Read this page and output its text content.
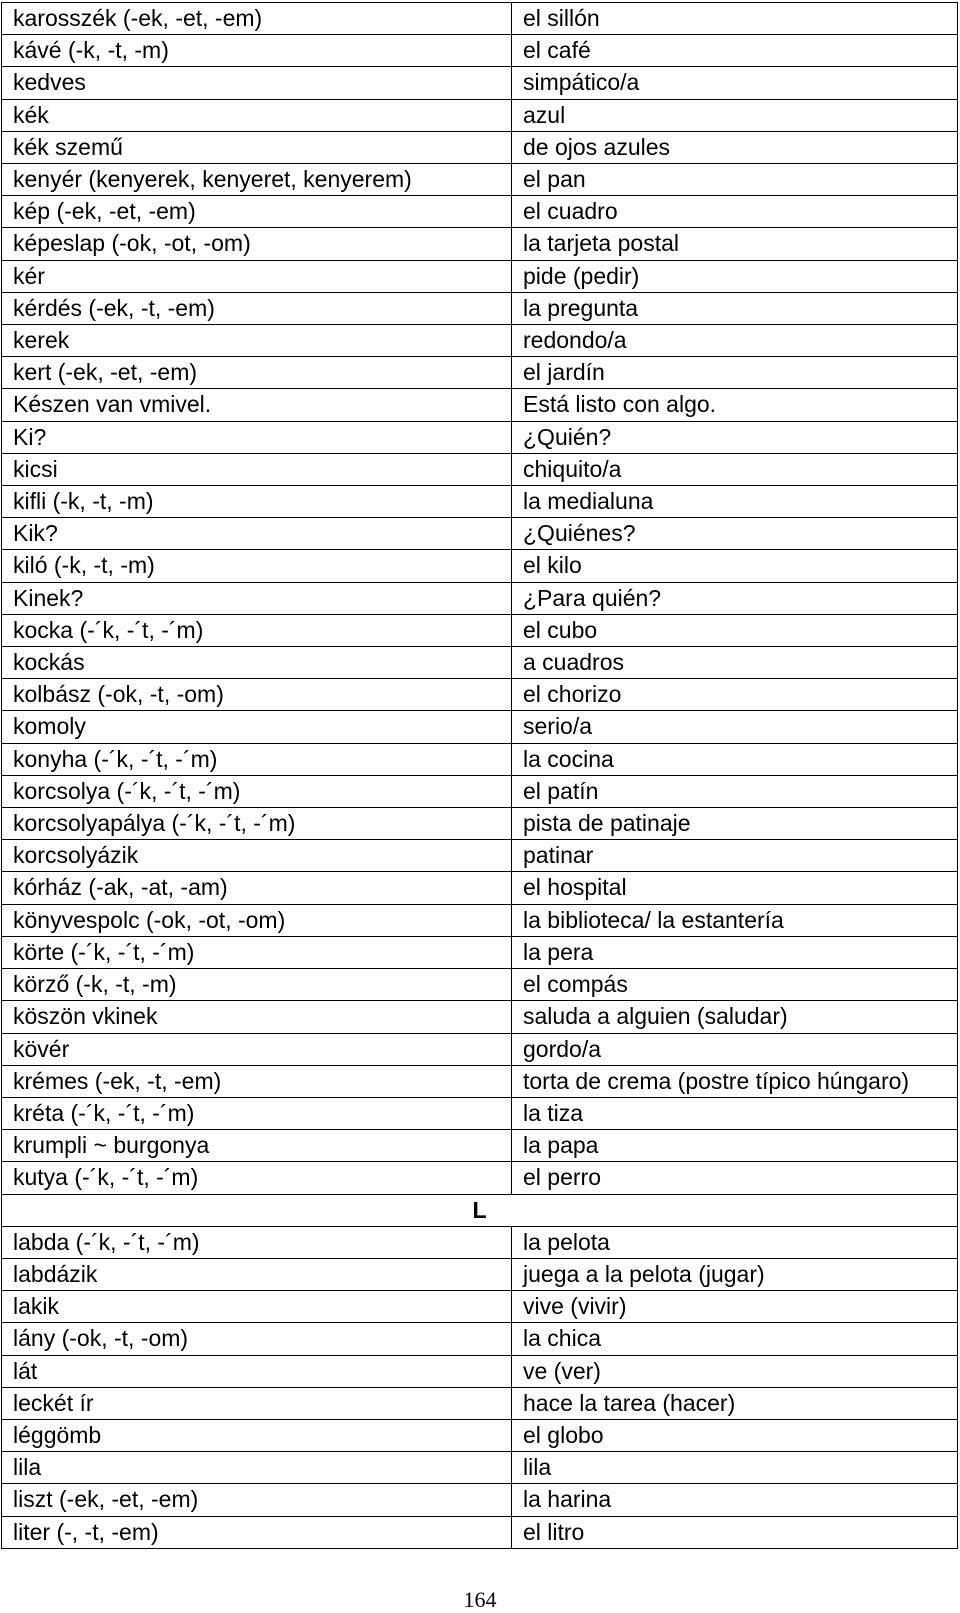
karosszék (-ek, -et, -em)	el sillón
kávé (-k, -t, -m)	el café
kedves	simpático/a
kék	azul
kék szemű	de ojos azules
kenyér (kenyerek, kenyeret, kenyerem)	el pan
kép (-ek, -et, -em)	el cuadro
képeslap (-ok, -ot, -om)	la tarjeta postal
kér	pide (pedir)
kérdés (-ek, -t, -em)	la pregunta
kerek	redondo/a
kert (-ek, -et, -em)	el jardín
Készen van vmivel.	Está listo con algo.
Ki?	¿Quién?
kicsi	chiquito/a
kifli (-k, -t, -m)	la medialuna
Kik?	¿Quiénes?
kiló (-k, -t, -m)	el kilo
Kinek?	¿Para quién?
kocka (-´k, -´t, -´m)	el cubo
kockás	a cuadros
kolbász (-ok, -t, -om)	el chorizo
komoly	serio/a
konyha (-´k, -´t, -´m)	la cocina
korcsolya (-´k, -´t, -´m)	el patín
korcsolyapálya (-´k, -´t, -´m)	pista de patinaje
korcsolyázik	patinar
kórház (-ak, -at, -am)	el hospital
könyvespolc (-ok, -ot, -om)	la biblioteca/ la estantería
körte (-´k, -´t, -´m)	la pera
körző (-k, -t, -m)	el compás
köszön vkinek	saluda a alguien (saludar)
kövér	gordo/a
krémes (-ek, -t, -em)	torta de crema (postre típico húngaro)
kréta (-´k, -´t, -´m)	la tiza
krumpli ~ burgonya	la papa
kutya (-´k, -´t, -´m)	el perro
L	
labda (-´k, -´t, -´m)	la pelota
labdázik	juega a la pelota (jugar)
lakik	vive (vivir)
lány (-ok, -t, -om)	la chica
lát	ve (ver)
leckét ír	hace la tarea (hacer)
léggömb	el globo
lila	lila
liszt (-ek, -et, -em)	la harina
liter (-, -t, -em)	el litro
164
